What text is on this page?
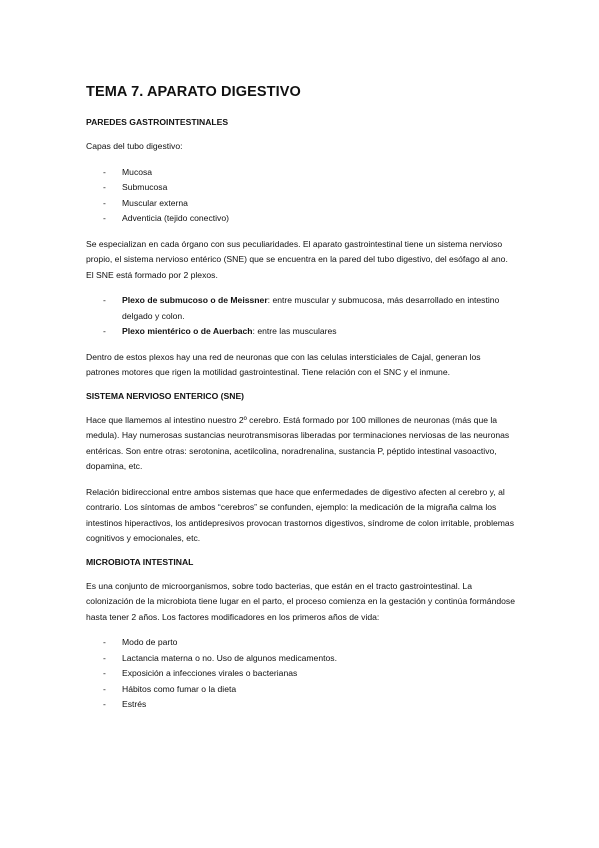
TEMA 7. APARATO DIGESTIVO
PAREDES GASTROINTESTINALES

Capas del tubo digestivo:

- Mucosa
- Submucosa
- Muscular externa
- Adventicia (tejido conectivo)

Se especializan en cada órgano con sus peculiaridades. El aparato gastrointestinal tiene un sistema nervioso propio, el sistema nervioso entérico (SNE) que se encuentra en la pared del tubo digestivo, del esófago al ano. El SNE está formado por 2 plexos.

- Plexo de submucoso o de Meissner: entre muscular y submucosa, más desarrollado en intestino delgado y colon.
- Plexo mientérico o de Auerbach: entre las musculares

Dentro de estos plexos hay una red de neuronas que con las celulas intersticiales de Cajal, generan los patrones motores que rigen la motilidad gastrointestinal. Tiene relación con el SNC y el inmune.

SISTEMA NERVIOSO ENTERICO (SNE)

Hace que llamemos al intestino nuestro 2º cerebro. Está formado por 100 millones de neuronas (más que la medula). Hay numerosas sustancias neurotransmisoras liberadas por terminaciones nerviosas de las neuronas entéricas. Son entre otras: serotonina, acetilcolina, noradrenalina, sustancia P, péptido intestinal vasoactivo, dopamina, etc.

Relación bidireccional entre ambos sistemas que hace que enfermedades de digestivo afecten al cerebro y, al contrario. Los síntomas de ambos “cerebros” se confunden, ejemplo: la medicación de la migraña calma los intestinos hiperactivos, los antidepresivos provocan trastornos digestivos, síndrome de colon irritable, problemas cognitivos y emocionales, etc.

MICROBIOTA INTESTINAL

Es una conjunto de microorganismos, sobre todo bacterias, que están en el tracto gastrointestinal. La colonización de la microbiota tiene lugar en el parto, el proceso comienza en la gestación y continúa formándose hasta tener 2 años. Los factores modificadores en los primeros años de vida:

- Modo de parto
- Lactancia materna o no. Uso de algunos medicamentos.
- Exposición a infecciones virales o bacterianas
- Hábitos como fumar o la dieta
- Estrés
